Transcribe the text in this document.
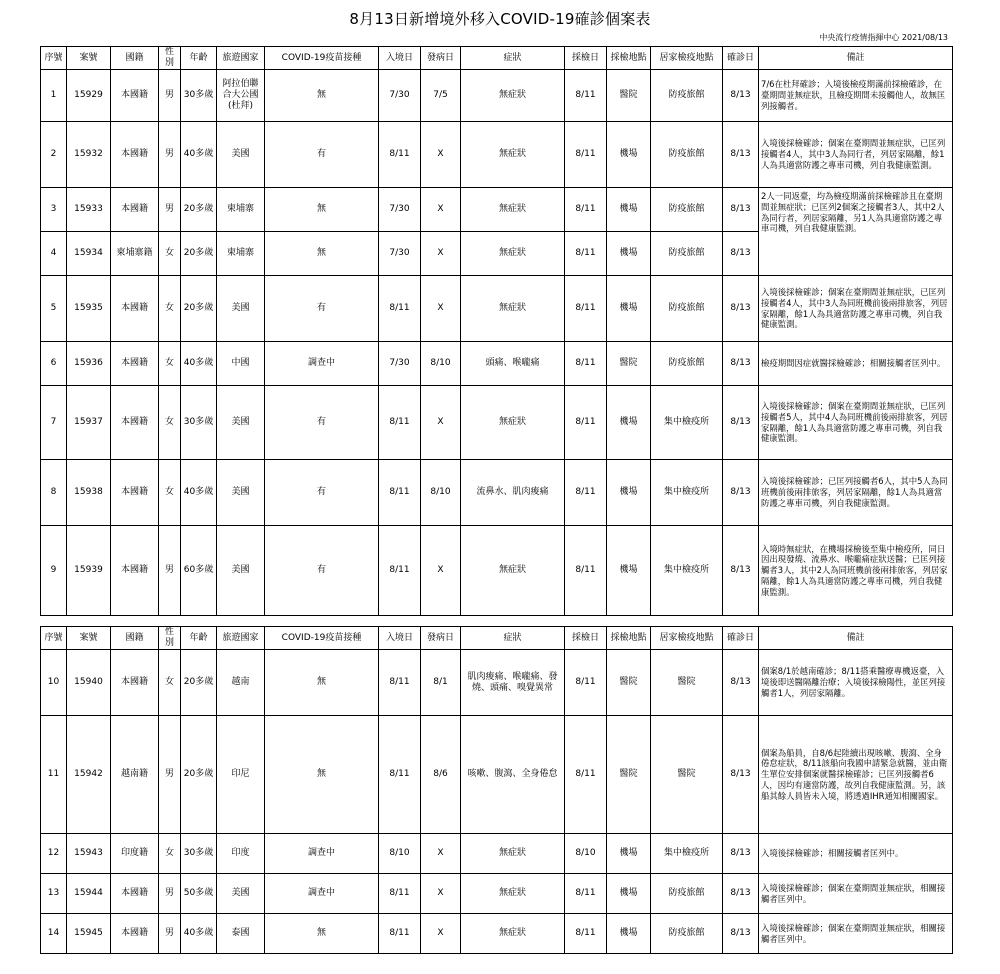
8月13日新增境外移入COVID-19確診個案表
中央流行疫情指揮中心 2021/08/13
序號	案號	國籍	性別	年齡	旅遊國家	COVID-19疫苗接種	入境日	發病日	症狀	採檢日	採檢地點	居家檢疫地點	確診日	備註
1	15929	本國籍	男	30多歲	阿拉伯聯合大公國(杜拜)	無	7/30	7/5	無症狀	8/11	醫院	防疫旅館	8/13	7/6在杜拜確診；入境後檢疫期滿前採檢確診，在臺期間並無症狀，且檢疫期間未接觸他人，故無匡列接觸者。
2	15932	本國籍	男	40多歲	美國	有	8/11	X	無症狀	8/11	機場	防疫旅館	8/13	入境後採檢確診；個案在臺期間並無症狀，已匡列接觸者4人，其中3人為同行者，列居家隔離，餘1人為具適當防護之專車司機，列自我健康監測。
3	15933	本國籍	男	20多歲	柬埔寨	無	7/30	X	無症狀	8/11	機場	防疫旅館	8/13	2人一同返臺，均為檢疫期滿前採檢確診且在臺期間並無症狀；已匡列2個案之接觸者3人，其中2人為同行者，列居家隔離，另1人為具適當防護之專車司機，列自我健康監測。
4	15934	柬埔寨籍	女	20多歲	柬埔寨	無	7/30	X	無症狀	8/11	機場	防疫旅館	8/13	
5	15935	本國籍	女	20多歲	美國	有	8/11	X	無症狀	8/11	機場	防疫旅館	8/13	入境後採檢確診；個案在臺期間並無症狀，已匡列接觸者4人，其中3人為同班機前後兩排旅客，列居家隔離，餘1人為具適當防護之專車司機，列自我健康監測。
6	15936	本國籍	女	40多歲	中國	調查中	7/30	8/10	頭痛、喉嚨痛	8/11	醫院	防疫旅館	8/13	檢疫期間因症就醫採檢確診；相關接觸者匡列中。
7	15937	本國籍	女	30多歲	美國	有	8/11	X	無症狀	8/11	機場	集中檢疫所	8/13	入境後採檢確診；個案在臺期間並無症狀，已匡列接觸者5人，其中4人為同班機前後兩排旅客，列居家隔離，餘1人為具適當防護之專車司機，列自我健康監測。
8	15938	本國籍	女	40多歲	美國	有	8/11	8/10	流鼻水、肌肉痠痛	8/11	機場	集中檢疫所	8/13	入境後採檢確診；已匡列接觸者6人，其中5人為同班機前後兩排旅客，列居家隔離，餘1人為具適當防護之專車司機，列自我健康監測。
9	15939	本國籍	男	60多歲	美國	有	8/11	X	無症狀	8/11	機場	集中檢疫所	8/13	入境時無症狀，在機場採檢後至集中檢疫所，同日因出現發燒、流鼻水、喉嚨痛症狀送醫；已匡列接觸者3人，其中2人為同班機前後兩排旅客，列居家隔離，餘1人為具適當防護之專車司機，列自我健康監測。
序號	案號	國籍	性別	年齡	旅遊國家	COVID-19疫苗接種	入境日	發病日	症狀	採檢日	採檢地點	居家檢疫地點	確診日	備註
10	15940	本國籍	女	20多歲	越南	無	8/11	8/1	肌肉痠痛、喉嚨痛、發燒、頭痛、嗅覺異常	8/11	醫院	醫院	8/13	個案8/1於越南確診；8/11搭乘醫療專機返臺，入境後即送醫隔離治療；入境後採檢陽性，並匡列接觸者1人，列居家隔離。
11	15942	越南籍	男	20多歲	印尼	無	8/11	8/6	咳嗽、腹瀉、全身倦怠	8/11	醫院	醫院	8/13	個案為船員，自8/6起陸續出現咳嗽、腹瀉、全身倦怠症狀，8/11該船向我國申請緊急就醫，並由衛生單位安排個案就醫採檢確診；已匡列接觸者6人，因均有適當防護，故列自我健康監測。另，該船其餘人員皆未入境，將透過IHR通知相關國家。
12	15943	印度籍	女	30多歲	印度	調查中	8/10	X	無症狀	8/10	機場	集中檢疫所	8/13	入境後採檢確診；相關接觸者匡列中。
13	15944	本國籍	男	50多歲	美國	調查中	8/11	X	無症狀	8/11	機場	防疫旅館	8/13	入境後採檢確診；個案在臺期間並無症狀，相關接觸者匡列中。
14	15945	本國籍	男	40多歲	泰國	無	8/11	X	無症狀	8/11	機場	防疫旅館	8/13	入境後採檢確診；個案在臺期間並無症狀，相關接觸者匡列中。
